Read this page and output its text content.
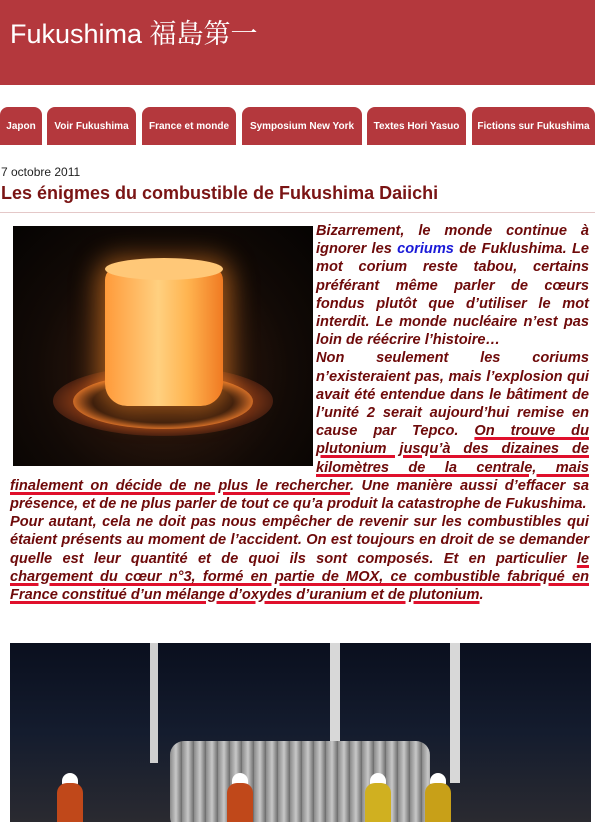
Fukushima 福島第一
Japon	Voir Fukushima	France et monde	Symposium New York	Textes Hori Yasuo	Fictions sur Fukushima
7 octobre 2011
Les énigmes du combustible de Fukushima Daiichi

Bizarrement, le monde continue à ignorer les coriums de Fuklushima. Le mot corium reste tabou, certains préférant même parler de cœurs fondus plutôt que d’utiliser le mot interdit. Le monde nucléaire n’est pas loin de réécrire l’histoire…

Non seulement les coriums n’existeraient pas, mais l’explosion qui avait été entendue dans le bâtiment de l’unité 2 serait aujourd’hui remise en cause par Tepco. On trouve du plutonium jusqu’à des dizaines de kilomètres de la centrale, mais finalement on décide de ne plus le rechercher. Une manière aussi d’effacer sa présence, et de ne plus parler de tout ce qu’a produit la catastrophe de Fukushima.

Pour autant, cela ne doit pas nous empêcher de revenir sur les combustibles qui étaient présents au moment de l’accident. On est toujours en droit de se demander quelle est leur quantité et de quoi ils sont composés. Et en particulier le chargement du cœur n°3, formé en partie de MOX, ce combustible fabriqué en France constitué d’un mélange d’oxydes d’uranium et de plutonium.
